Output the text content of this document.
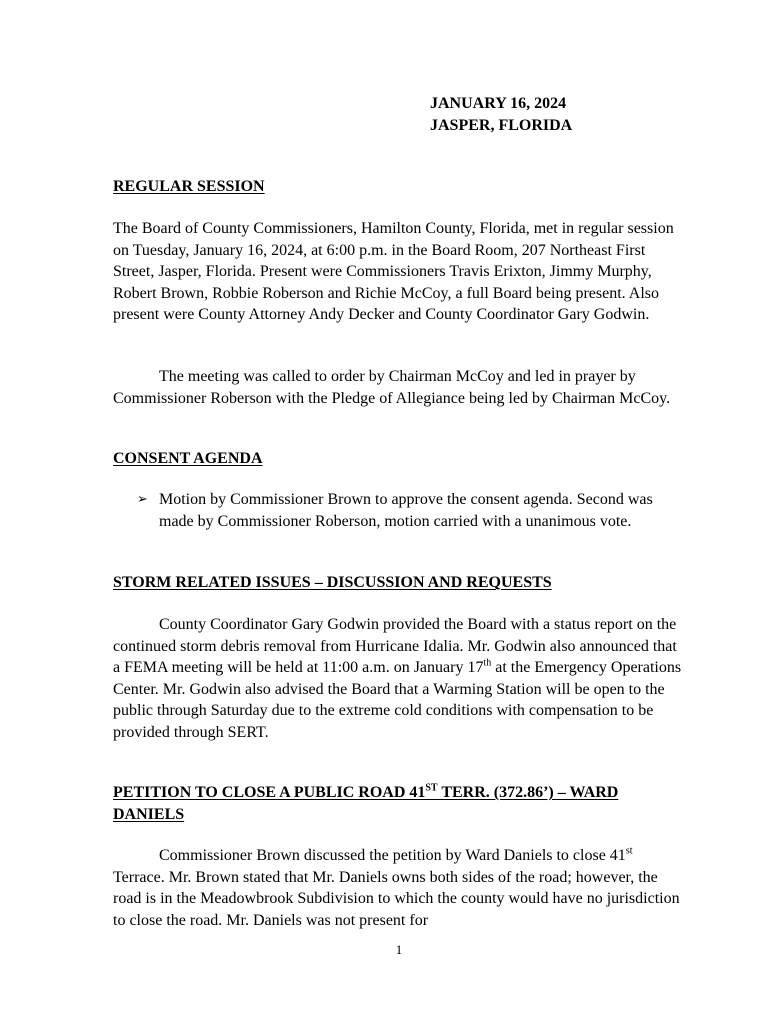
JANUARY 16, 2024
JASPER, FLORIDA
REGULAR SESSION

The Board of County Commissioners, Hamilton County, Florida, met in regular session on Tuesday, January 16, 2024, at 6:00 p.m. in the Board Room, 207 Northeast First Street, Jasper, Florida. Present were Commissioners Travis Erixton, Jimmy Murphy, Robert Brown, Robbie Roberson and Richie McCoy, a full Board being present. Also present were County Attorney Andy Decker and County Coordinator Gary Godwin.

The meeting was called to order by Chairman McCoy and led in prayer by Commissioner Roberson with the Pledge of Allegiance being led by Chairman McCoy.

CONSENT AGENDA
➢ Motion by Commissioner Brown to approve the consent agenda. Second was made by Commissioner Roberson, motion carried with a unanimous vote.
STORM RELATED ISSUES – DISCUSSION AND REQUESTS

County Coordinator Gary Godwin provided the Board with a status report on the continued storm debris removal from Hurricane Idalia. Mr. Godwin also announced that a FEMA meeting will be held at 11:00 a.m. on January 17th at the Emergency Operations Center. Mr. Godwin also advised the Board that a Warming Station will be open to the public through Saturday due to the extreme cold conditions with compensation to be provided through SERT.

PETITION TO CLOSE A PUBLIC ROAD 41ST TERR. (372.86’) – WARD
DANIELS

Commissioner Brown discussed the petition by Ward Daniels to close 41st Terrace. Mr. Brown stated that Mr. Daniels owns both sides of the road; however, the road is in the Meadowbrook Subdivision to which the county would have no jurisdiction to close the road. Mr. Daniels was not present for

1
